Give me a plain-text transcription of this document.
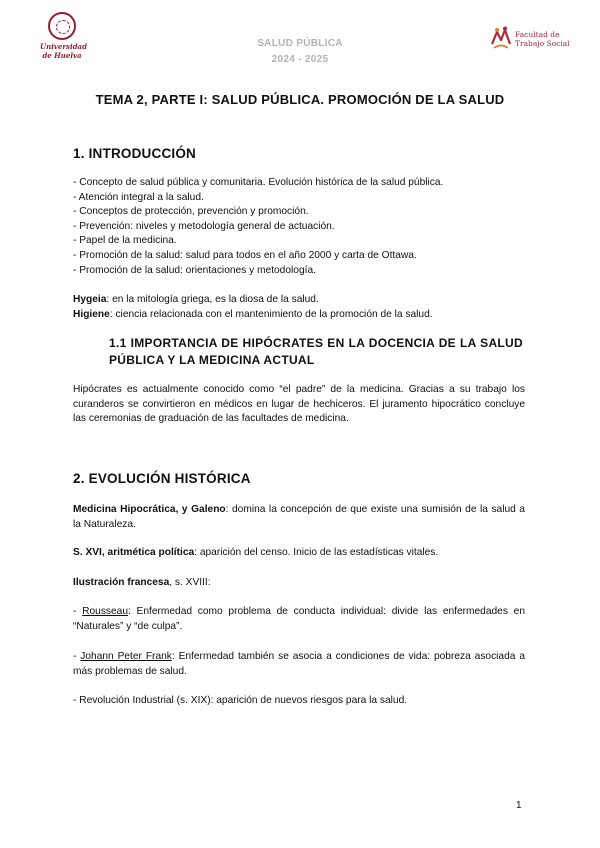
Universidad
de Huelva
SALUD PÚBLICA
2024 - 2025
Facultad de
Trabajo Social
TEMA 2, PARTE I: SALUD PÚBLICA. PROMOCIÓN DE LA SALUD
1. INTRODUCCIÓN

- Concepto de salud pública y comunitaria. Evolución histórica de la salud pública.

- Atención integral a la salud.

- Conceptos de protección, prevención y promoción.

- Prevención: niveles y metodología general de actuación.

- Papel de la medicina.

- Promoción de la salud: salud para todos en el año 2000 y carta de Ottawa.

- Promoción de la salud: orientaciones y metodología.

Hygeia: en la mitología griega, es la diosa de la salud.

Higiene: ciencia relacionada con el mantenimiento de la promoción de la salud.

1.1 IMPORTANCIA DE HIPÓCRATES EN LA DOCENCIA DE LA SALUD PÚBLICA Y LA MEDICINA ACTUAL
Hipócrates es actualmente conocido como “el padre” de la medicina. Gracias a su trabajo los curanderos se convirtieron en médicos en lugar de hechiceros. El juramento hipocrático concluye las ceremonias de graduación de las facultades de medicina.
2. EVOLUCIÓN HISTÓRICA
Medicina Hipocrática, y Galeno: domina la concepción de que existe una sumisión de la salud a la Naturaleza.
S. XVI, aritmética política: aparición del censo. Inicio de las estadísticas vitales.
Ilustración francesa, s. XVIII:
- Rousseau: Enfermedad como problema de conducta individual: divide las enfermedades en “Naturales” y “de culpa”.
- Johann Peter Frank: Enfermedad también se asocia a condiciones de vida: pobreza asociada a más problemas de salud.
- Revolución Industrial (s. XIX): aparición de nuevos riesgos para la salud.
1
